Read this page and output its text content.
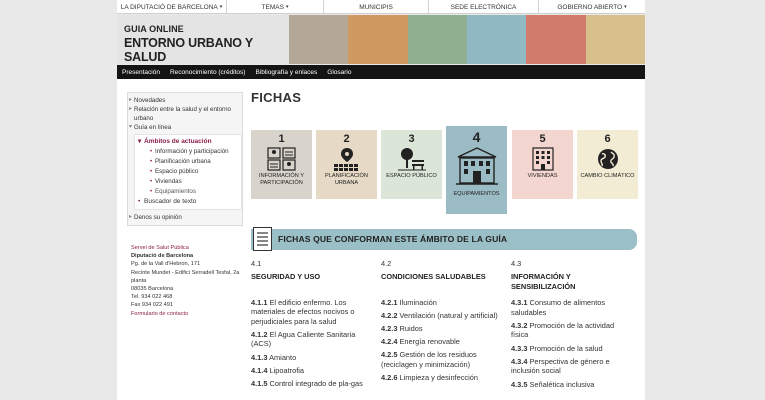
LA DIPUTACIÓ DE BARCELONA ▾	TEMAS ▾	MUNICIPIS	SEDE ELECTRÓNICA	GOBIERNO ABIERTO ▾
GUIA ONLINE
ENTORNO URBANO Y SALUD
Presentación	Reconocimiento (créditos)	Bibliografía y enlaces	Glosario
▸ Novedades
▸ Relación entre la salud y el entorno urbano
▾ Guía en línea
▾ Ámbitos de actuación
• Información y participación
• Planificación urbana
• Espacio público
• Viviendas
• Equipamientos
• Buscador de texto
▸ Denos su opinión
Servei de Salut Pública
Diputació de Barcelona
Pg. de la Vall d'Hebron, 171
Recinte Mundet - Edifici Serradell Tesfal, 2a planta
08035 Barcelona
Tel. 934 022 468
Fax 934 022 491
Formulario de contacto
FICHAS
1
INFORMACIÓN Y PARTICIPACIÓN
2
PLANIFICACIÓN URBANA
3
ESPACIO PÚBLICO
4
EQUIPAMIENTOS
5
VIVIENDAS
6
CAMBIO CLIMÁTICO
FICHAS QUE CONFORMAN ESTE ÁMBITO DE LA GUÍA
4.1
SEGURIDAD Y USO
4.1.1 El edificio enfermo. Los materiales de efectos nocivos o perjudiciales para la salud
4.1.2 El Agua Caliente Sanitaria (ACS)
4.1.3 Amianto
4.1.4 Lipoatrofia
4.1.5 Control integrado de pla-gas
4.2
CONDICIONES SALUDABLES
4.2.1 Iluminación
4.2.2 Ventilación (natural y artificial)
4.2.3 Ruidos
4.2.4 Energía renovable
4.2.5 Gestión de los residuos (reciclagen y minimización)
4.2.6 Limpieza y desinfección
4.3
INFORMACIÓN Y SENSIBILIZACIÓN
4.3.1 Consumo de alimentos saludables
4.3.2 Promoción de la actividad física
4.3.3 Promoción de la salud
4.3.4 Perspectiva de género e inclusión social
4.3.5 Señalética inclusiva
